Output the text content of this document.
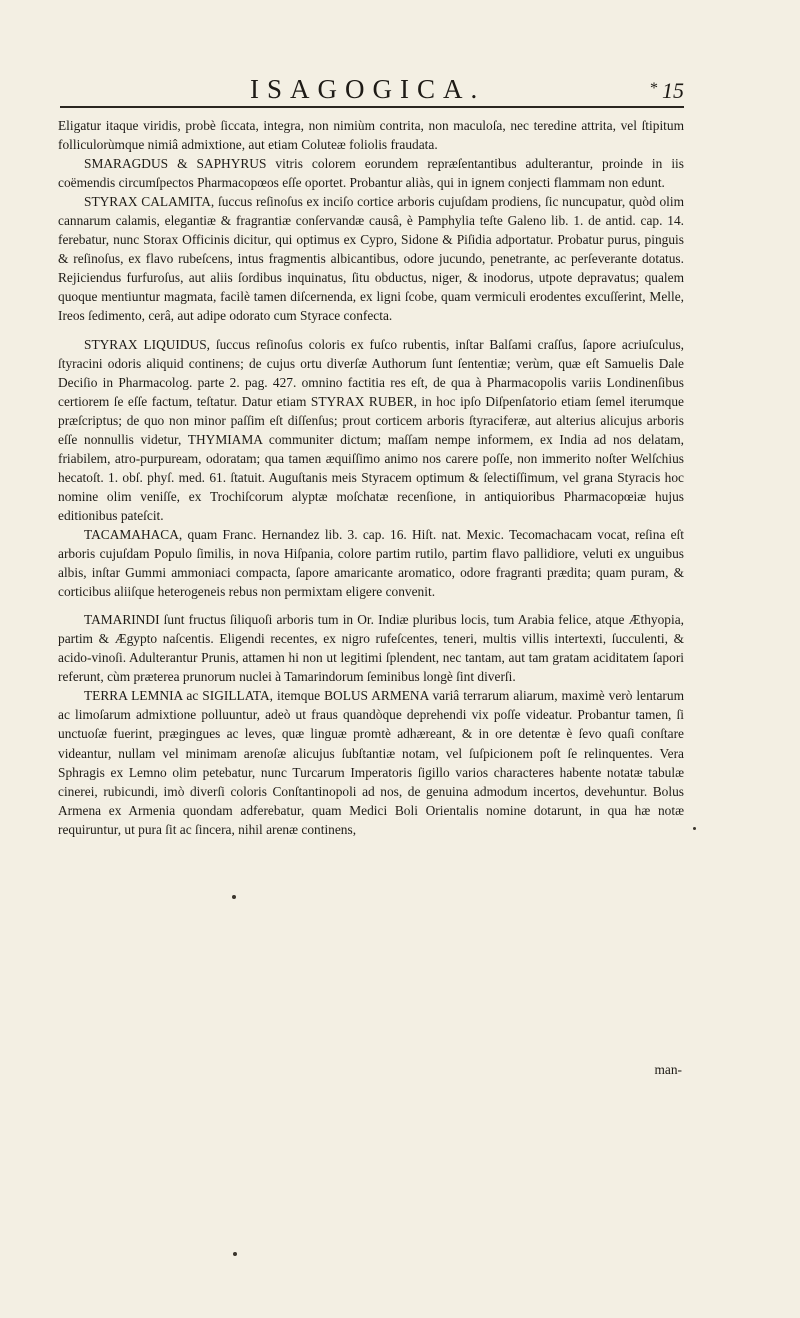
ISAGOGICA.	* 15

Eligatur itaque viridis, probè ſiccata, integra, non nimiùm contrita, non maculoſa, nec teredine attrita, vel ſtipitum folliculorùmque nimiâ admixtione, aut etiam Coluteæ foliolis fraudata.

SMARAGDUS & SAPHYRUS vitris colorem eorundem repræſentantibus adulterantur, proinde in iis coëmendis circumſpectos Pharmacopœos eſſe oportet. Probantur aliàs, qui in ignem conjecti flammam non edunt.

STYRAX CALAMITA, ſuccus reſinoſus ex inciſo cortice arboris cujuſdam prodiens, ſic nuncupatur, quòd olim cannarum calamis, elegantiæ & fragrantiæ conſervandæ causâ, è Pamphylia teſte Galeno lib. 1. de antid. cap. 14. ferebatur, nunc Storax Officinis dicitur, qui optimus ex Cypro, Sidone & Piſidia adportatur. Probatur purus, pinguis & reſinoſus, ex flavo rubeſcens, intus fragmentis albicantibus, odore jucundo, penetrante, ac perſeverante dotatus. Rejiciendus furfuroſus, aut aliis ſordibus inquinatus, ſitu obductus, niger, & inodorus, utpote depravatus; qualem quoque mentiuntur magmata, facilè tamen diſcernenda, ex ligni ſcobe, quam vermiculi erodentes excuſſerint, Melle, Ireos ſedimento, cerâ, aut adipe odorato cum Styrace confecta.

STYRAX LIQUIDUS, ſuccus reſinoſus coloris ex fuſco rubentis, inſtar Balſami craſſus, ſapore acriuſculus, ſtyracini odoris aliquid continens; de cujus ortu diverſæ Authorum ſunt ſententiæ; verùm, quæ eſt Samuelis Dale Deciſio in Pharmacolog. parte 2. pag. 427. omnino factitia res eſt, de qua à Pharmacopolis variis Londinenſibus certiorem ſe eſſe factum, teſtatur. Datur etiam STYRAX RUBER, in hoc ipſo Diſpenſatorio etiam ſemel iterumque præſcriptus; de quo non minor paſſim eſt diſſenſus; prout corticem arboris ſtyraciferæ, aut alterius alicujus arboris eſſe nonnullis videtur, THYMIAMA communiter dictum; maſſam nempe informem, ex India ad nos delatam, friabilem, atro-purpuream, odoratam; qua tamen æquiſſimo animo nos carere poſſe, non immerito noſter Welſchius hecatoſt. 1. obſ. phyſ. med. 61. ſtatuit. Auguſtanis meis Styracem optimum & ſelectiſſimum, vel grana Styracis hoc nomine olim veniſſe, ex Trochiſcorum alyptæ moſchatæ recenſione, in antiquioribus Pharmacopœiæ hujus editionibus pateſcit.

TACAMAHACA, quam Franc. Hernandez lib. 3. cap. 16. Hiſt. nat. Mexic. Tecomachacam vocat, reſina eſt arboris cujuſdam Populo ſimilis, in nova Hiſpania, colore partim rutilo, partim flavo pallidiore, veluti ex unguibus albis, inſtar Gummi ammoniaci compacta, ſapore amaricante aromatico, odore fragranti prædita; quam puram, & corticibus aliiſque heterogeneis rebus non permixtam eligere convenit.

TAMARINDI ſunt fructus ſiliquoſi arboris tum in Or. Indiæ pluribus locis, tum Arabia felice, atque Æthyopia, partim & Ægypto naſcentis. Eligendi recentes, ex nigro rufeſcentes, teneri, multis villis intertexti, ſucculenti, & acido-vinoſi. Adulterantur Prunis, attamen hi non ut legitimi ſplendent, nec tantam, aut tam gratam aciditatem ſapori referunt, cùm præterea prunorum nuclei à Tamarindorum ſeminibus longè ſint diverſi.

TERRA LEMNIA ac SIGILLATA, itemque BOLUS ARMENA variâ terrarum aliarum, maximè verò lentarum ac limoſarum admixtione polluuntur, adeò ut fraus quandòque deprehendi vix poſſe videatur. Probantur tamen, ſi unctuoſæ fuerint, prægingues ac leves, quæ linguæ promtè adhæreant, & in ore detentæ è ſevo quaſi conſtare videantur, nullam vel minimam arenoſæ alicujus ſubſtantiæ notam, vel ſuſpicionem poſt ſe relinquentes. Vera Sphragis ex Lemno olim petebatur, nunc Turcarum Imperatoris ſigillo varios characteres habente notatæ tabulæ cinerei, rubicundi, imò diverſi coloris Conſtantinopoli ad nos, de genuina admodum incertos, devehuntur. Bolus Armena ex Armenia quondam adferebatur, quam Medici Boli Orientalis nomine dotarunt, in qua hæ notæ requiruntur, ut pura ſit ac ſincera, nihil arenæ continens,

man-
